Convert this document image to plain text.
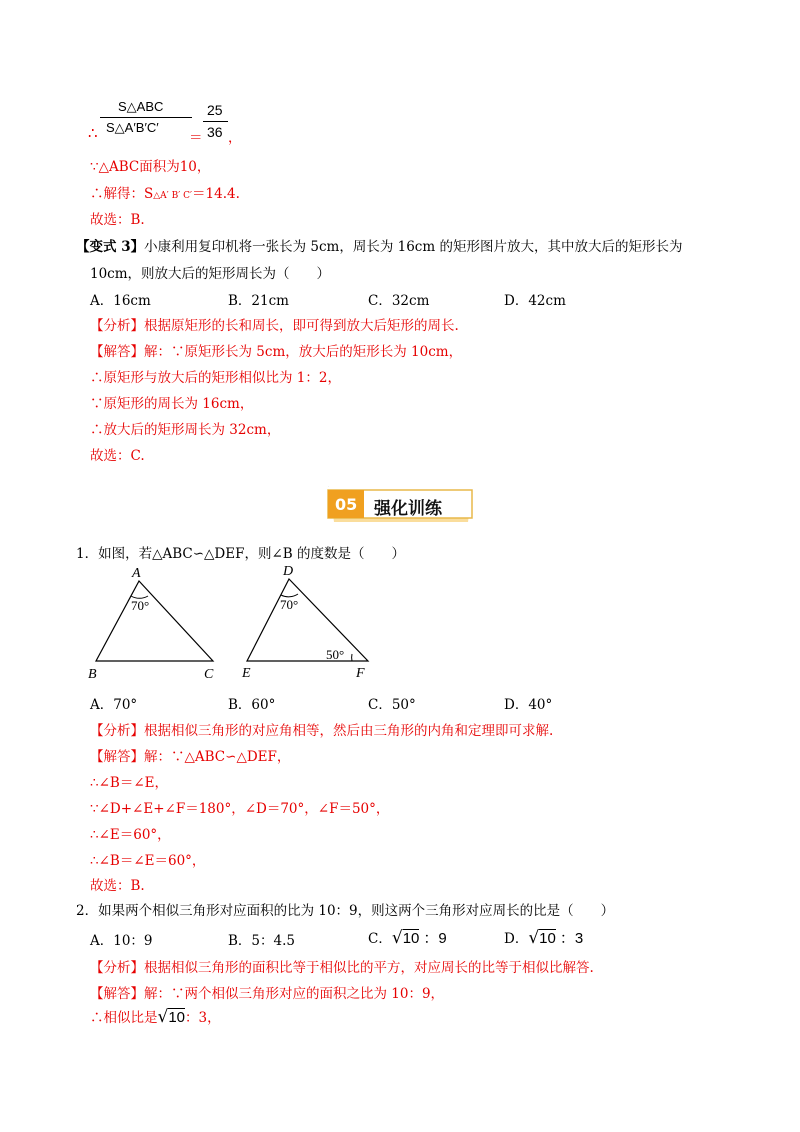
S△ABC
∴ S△A′B′C′
25
36
＝ ，
∵△ABC面积为10，
∴解得：S△A′ B′ C′＝14.4.
故选：B.
【变式 3】小康利用复印机将一张长为 5cm，周长为 16cm 的矩形图片放大，其中放大后的矩形长为
10cm，则放大后的矩形周长为（　　）
A．16cm	B．21cm	C．32cm	D．42cm
【分析】根据原矩形的长和周长，即可得到放大后矩形的周长.
【解答】解：∵原矩形长为 5cm，放大后的矩形长为 10cm，
∴原矩形与放大后的矩形相似比为 1：2，
∵原矩形的周长为 16cm，
∴放大后的矩形周长为 32cm，
故选：C.
05 强化训练
1．如图，若△ABC∽△DEF，则∠B 的度数是（　　）
A
B	C
70°
D
E	F
70°
50°
A．70°	B．60°	C．50°	D．40°
【分析】根据相似三角形的对应角相等，然后由三角形的内角和定理即可求解.
【解答】解：∵△ABC∽△DEF，
∴∠B＝∠E，
∵∠D+∠E+∠F＝180°，∠D＝70°，∠F＝50°，
∴∠E＝60°，
∴∠B＝∠E＝60°，
故选：B.
2．如果两个相似三角形对应面积的比为 10：9，则这两个三角形对应周长的比是（　　）
A．10：9	B．5：4.5	C．√10 ：9	D．√10 ：3
【分析】根据相似三角形的面积比等于相似比的平方，对应周长的比等于相似比解答.
【解答】解：∵两个相似三角形对应的面积之比为 10：9，
∴相似比是√10：3，
